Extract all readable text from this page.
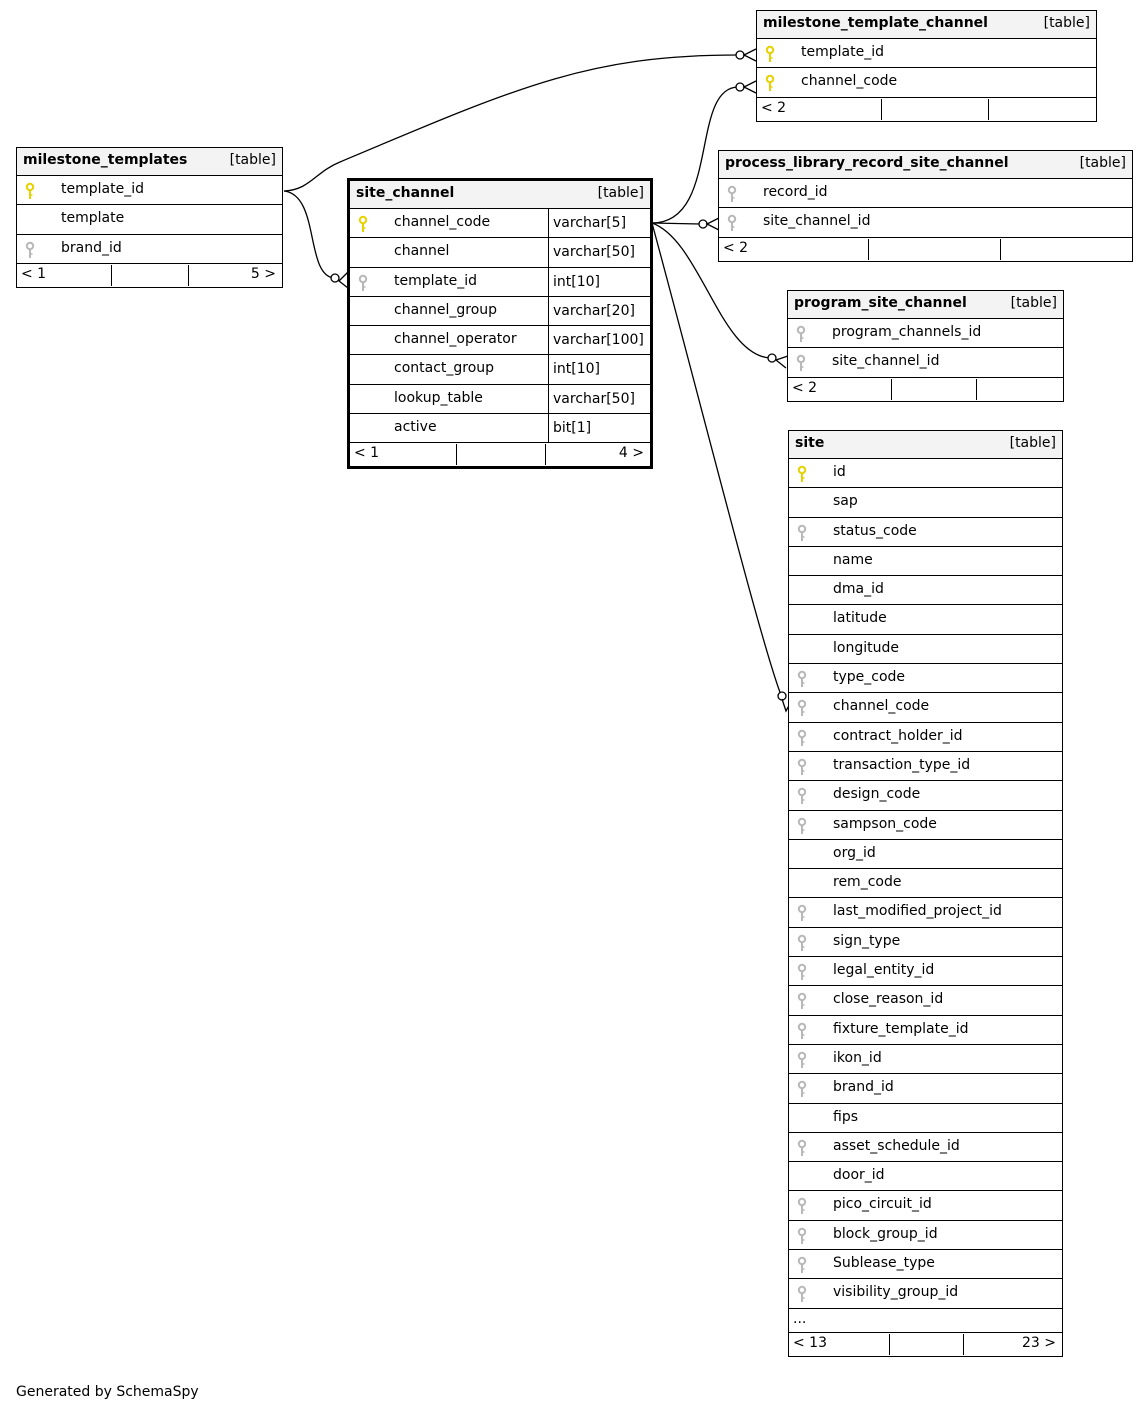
milestone_template_channel	[table]
template_id
channel_code
< 2
milestone_templates	[table]
template_id
template
brand_id
< 1	5 >
site_channel	[table]
channel_code	varchar[5]
channel	varchar[50]
template_id	int[10]
channel_group	varchar[20]
channel_operator	varchar[100]
contact_group	int[10]
lookup_table	varchar[50]
active	bit[1]
< 1	4 >
process_library_record_site_channel	[table]
record_id
site_channel_id
< 2
program_site_channel	[table]
program_channels_id
site_channel_id
< 2
site	[table]
id
sap
status_code
name
dma_id
latitude
longitude
type_code
channel_code
contract_holder_id
transaction_type_id
design_code
sampson_code
org_id
rem_code
last_modified_project_id
sign_type
legal_entity_id
close_reason_id
fixture_template_id
ikon_id
brand_id
fips
asset_schedule_id
door_id
pico_circuit_id
block_group_id
Sublease_type
visibility_group_id
...
< 13	23 >
Generated by SchemaSpy
